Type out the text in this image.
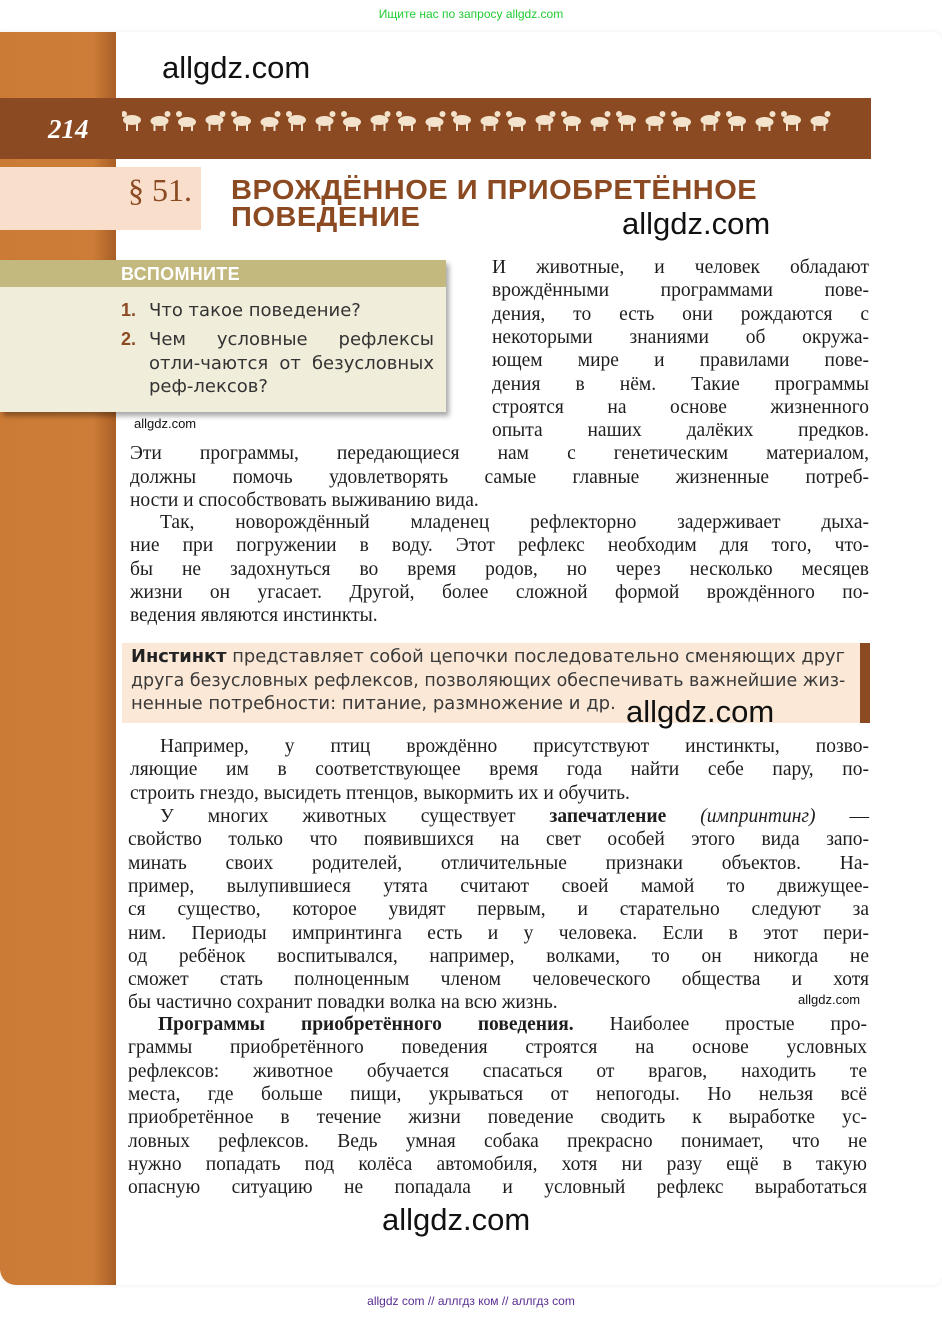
Ищите нас по запросу allgdz.com
214
allgdz.com
§ 51. ВРОЖДЁННОЕ И ПРИОБРЕТЁННОЕ
ПОВЕДЕНИЕ	allgdz.com
ВСПОМНИТЕ
1. Что такое поведение?
2. Чем условные рефлексы отли-чаются от безусловных реф-лексов?
allgdz.com
И животные, и человек обладают
врождёнными программами пове-
дения, то есть они рождаются с
некоторыми знаниями об окружа-
ющем мире и правилами пове-
дения в нём. Такие программы
строятся на основе жизненного
опыта наших далёких предков.
Эти программы, передающиеся нам с генетическим материалом,
должны помочь удовлетворять самые главные жизненные потреб-
ности и способствовать выживанию вида.
Так, новорождённый младенец рефлекторно задерживает дыха-
ние при погружении в воду. Этот рефлекс необходим для того, что-
бы не задохнуться во время родов, но через несколько месяцев
жизни он угасает. Другой, более сложной формой врождённого по-
ведения являются инстинкты.
Например, у птиц врождённо присутствуют инстинкты, позво-
ляющие им в соответствующее время года найти себе пару, по-
строить гнездо, высидеть птенцов, выкормить их и обучить.
У многих животных существует запечатление (импринтинг) —
свойство только что появившихся на свет особей этого вида запо-
минать своих родителей, отличительные признаки объектов. На-
пример, вылупившиеся утята считают своей мамой то движущее-
ся существо, которое увидят первым, и старательно следуют за
ним. Периоды импринтинга есть и у человека. Если в этот пери-
од ребёнок воспитывался, например, волками, то он никогда не
сможет стать полноценным членом человеческого общества и хотя
бы частично сохранит повадки волка на всю жизнь.
Программы приобретённого поведения. Наиболее простые про-
граммы приобретённого поведения строятся на основе условных
рефлексов: животное обучается спасаться от врагов, находить те
места, где больше пищи, укрываться от непогоды. Но нельзя всё
приобретённое в течение жизни поведение сводить к выработке ус-
ловных рефлексов. Ведь умная собака прекрасно понимает, что не
нужно попадать под колёса автомобиля, хотя ни разу ещё в такую
опасную ситуацию не попадала и условный рефлекс выработаться
Инстинкт представляет собой цепочки последовательно сменяющих друг
друга безусловных рефлексов, позволяющих обеспечивать важнейшие жиз-
ненные потребности: питание, размножение и др. allgdz.com
allgdz.com
allgdz.com
allgdz com // аллгдз ком // аллгдз com
